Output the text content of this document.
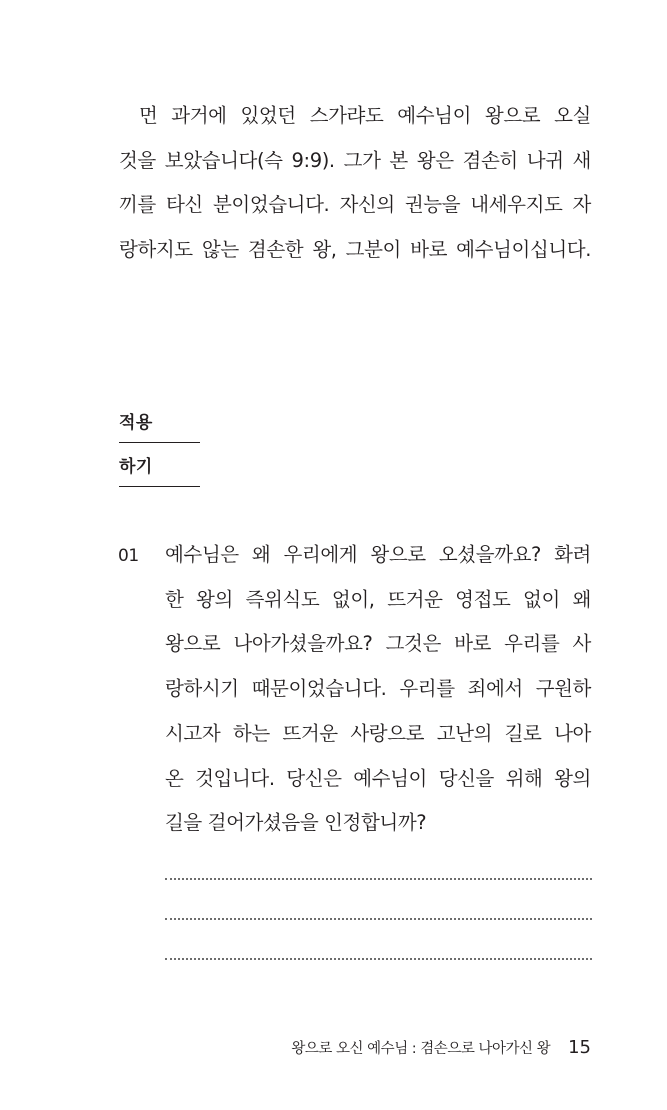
먼 과거에 있었던 스가랴도 예수님이 왕으로 오실
것을 보았습니다(슥 9:9). 그가 본 왕은 겸손히 나귀 새
끼를 타신 분이었습니다. 자신의 권능을 내세우지도 자
랑하지도 않는 겸손한 왕, 그분이 바로 예수님이십니다.
적용
하기
01 예수님은 왜 우리에게 왕으로 오셨을까요? 화려
한 왕의 즉위식도 없이, 뜨거운 영접도 없이 왜
왕으로 나아가셨을까요? 그것은 바로 우리를 사
랑하시기 때문이었습니다. 우리를 죄에서 구원하
시고자 하는 뜨거운 사랑으로 고난의 길로 나아
온 것입니다. 당신은 예수님이 당신을 위해 왕의
길을 걸어가셨음을 인정합니까?
왕으로 오신 예수님 : 겸손으로 나아가신 왕 15
